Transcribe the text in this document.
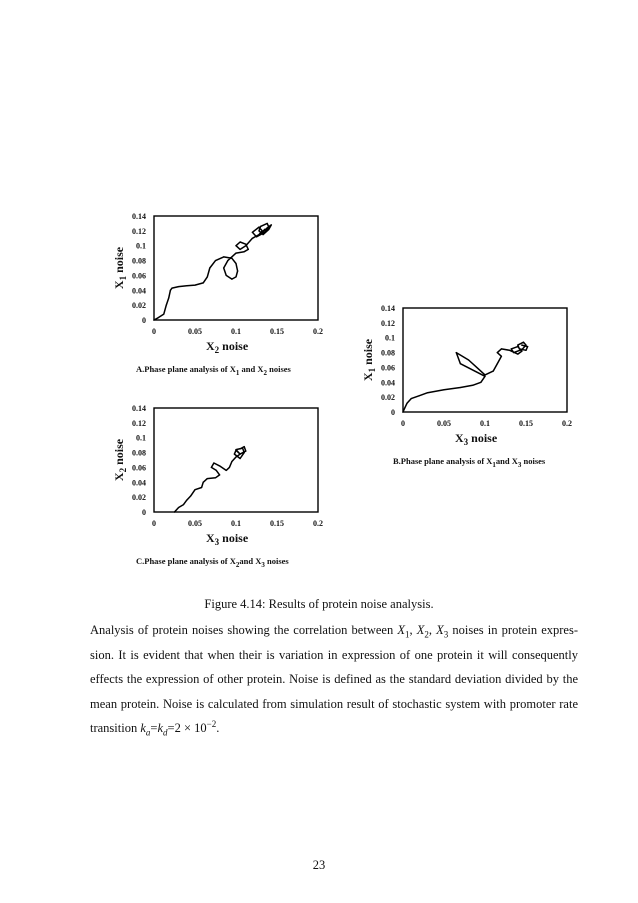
0
0.02
0.04
0.06
0.08
0.1
0.12
0.14
0	0.05	0.1	0.15	0.2
$X_2$ noise
$X_1$ noise
A.Phase plane analysis of $X_1$ and $X_2$ noises
0
0.02
0.04
0.06
0.08
0.1
0.12
0.14
0	0.05	0.1	0.15	0.2
$X_3$ noise
$X_1$ noise
B.Phase plane analysis of $X_1and$ $X_3$ noises
0
0.02
0.04
0.06
0.08
0.1
0.12
0.14
0	0.05	0.1	0.15	0.2
$X_3$ noise
$X_2$ noise
C.Phase plane analysis of $X_2and$ $X_3$ noises
Figure 4.14: Results of protein noise analysis.
Analysis of protein noises showing the correlation between $X_1$, $X_2$, $X_3$ noises in protein expres-sion. It is evident that when their is variation in expression of one protein it will consequently effects the expression of other protein. Noise is defined as the standard deviation divided by the mean protein. Noise is calculated from simulation result of stochastic system with promoter rate transition $k_a=k_d=2 \times 10^{-2}$.
23
